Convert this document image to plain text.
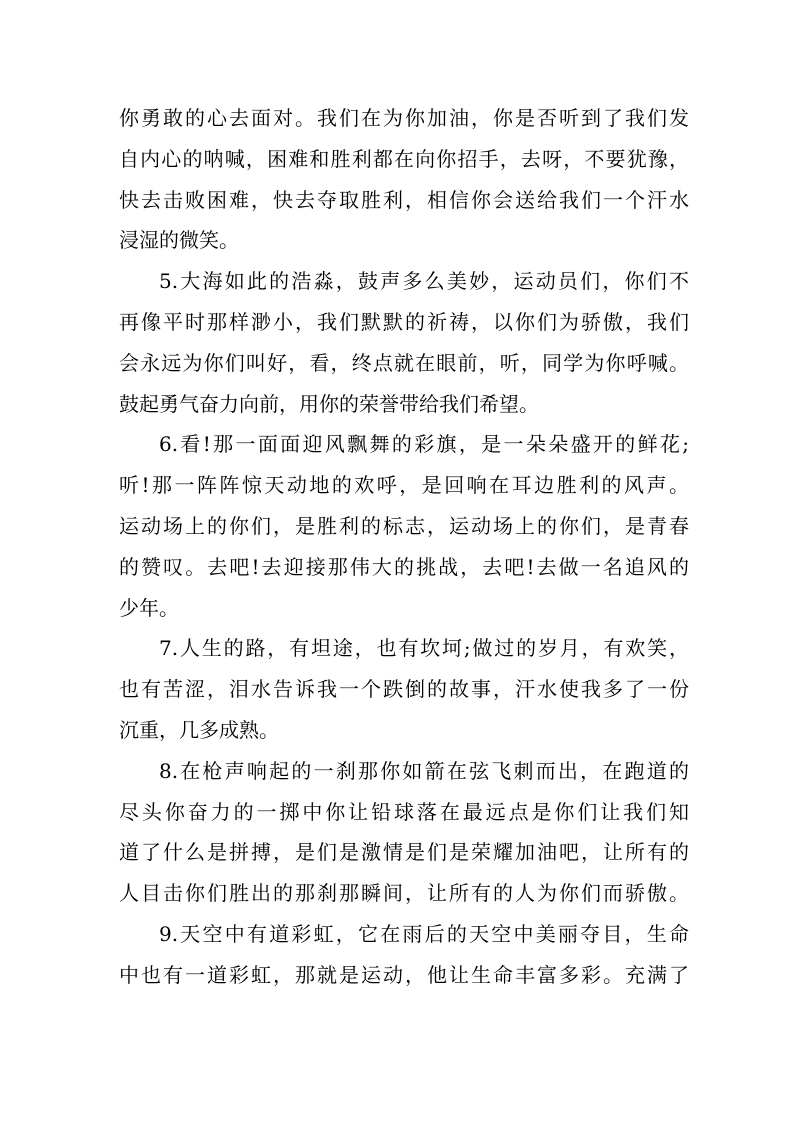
你勇敢的心去面对。我们在为你加油，你是否听到了我们发
自内心的呐喊，困难和胜利都在向你招手，去呀，不要犹豫，
快去击败困难，快去夺取胜利，相信你会送给我们一个汗水
浸湿的微笑。
5.大海如此的浩淼，鼓声多么美妙，运动员们，你们不
再像平时那样渺小，我们默默的祈祷，以你们为骄傲，我们
会永远为你们叫好，看，终点就在眼前，听，同学为你呼喊。
鼓起勇气奋力向前，用你的荣誉带给我们希望。
6.看!那一面面迎风飘舞的彩旗，是一朵朵盛开的鲜花;
听!那一阵阵惊天动地的欢呼，是回响在耳边胜利的风声。
运动场上的你们，是胜利的标志，运动场上的你们，是青春
的赞叹。去吧!去迎接那伟大的挑战，去吧!去做一名追风的
少年。
7.人生的路，有坦途，也有坎坷;做过的岁月，有欢笑，
也有苦涩，泪水告诉我一个跌倒的故事，汗水使我多了一份
沉重，几多成熟。
8.在枪声响起的一刹那你如箭在弦飞刺而出，在跑道的
尽头你奋力的一掷中你让铅球落在最远点是你们让我们知
道了什么是拼搏，是们是激情是们是荣耀加油吧，让所有的
人目击你们胜出的那刹那瞬间，让所有的人为你们而骄傲。
9.天空中有道彩虹，它在雨后的天空中美丽夺目，生命
中也有一道彩虹，那就是运动，他让生命丰富多彩。充满了
